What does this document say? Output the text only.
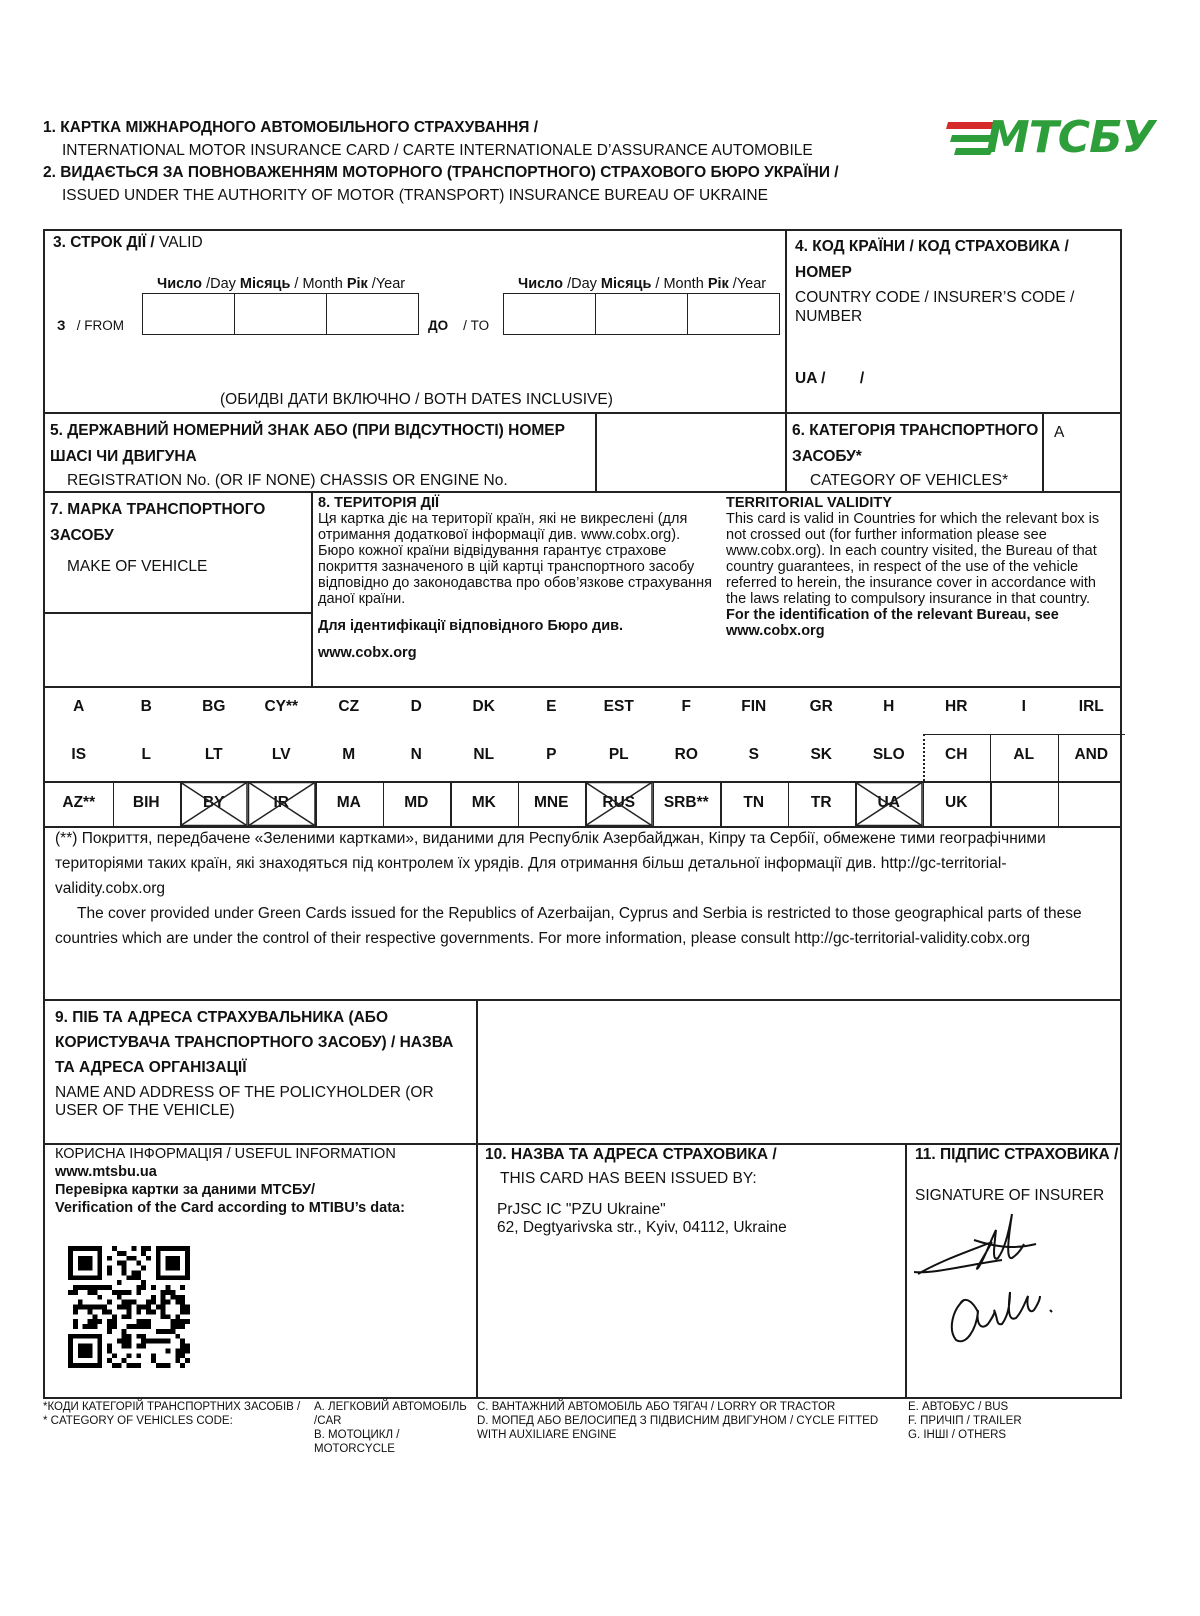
1. КАРТКА МІЖНАРОДНОГО АВТОМОБІЛЬНОГО СТРАХУВАННЯ /
INTERNATIONAL MOTOR INSURANCE CARD / CARTE INTERNATIONALE D’ASSURANCE AUTOMOBILE
2. ВИДАЄТЬСЯ ЗА ПОВНОВАЖЕННЯМ МОТОРНОГО (ТРАНСПОРТНОГО) СТРАХОВОГО БЮРО УКРАЇНИ /
ISSUED UNDER THE AUTHORITY OF MOTOR (TRANSPORT) INSURANCE BUREAU OF UKRAINE
МТСБУ
3. СТРОК ДІЇ / VALID
Число /Day Місяць / Month Рік /Year	Число /Day Місяць / Month Рік /Year
З / FROM	ДО / TO
(ОБИДВІ ДАТИ ВКЛЮЧНО / BOTH DATES INCLUSIVE)
4. КОД КРАЇНИ / КОД СТРАХОВИКА / НОМЕР
COUNTRY CODE / INSURER’S CODE / NUMBER
UA / /
5. ДЕРЖАВНИЙ НОМЕРНИЙ ЗНАК АБО (ПРИ ВІДСУТНОСТІ) НОМЕР ШАСІ ЧИ ДВИГУНА
REGISTRATION No. (OR IF NONE) CHASSIS OR ENGINE No.
6. КАТЕГОРІЯ ТРАНСПОРТНОГО ЗАСОБУ*
CATEGORY OF VEHICLES*
A
7. МАРКА ТРАНСПОРТНОГО ЗАСОБУ
MAKE OF VEHICLE
8. ТЕРИТОРІЯ ДІЇ
Ця картка діє на території країн, які не викреслені (для отримання додаткової інформації див. www.cobx.org). Бюро кожної країни відвідування гарантує страхове покриття зазначеного в цій картці транспортного засобу відповідно до законодавства про обов’язкове страхування даної країни.
Для ідентифікації відповідного Бюро див. www.cobx.org
TERRITORIAL VALIDITY
This card is valid in Countries for which the relevant box is not crossed out (for further information please see www.cobx.org). In each country visited, the Bureau of that country guarantees, in respect of the use of the vehicle referred to herein, the insurance cover in accordance with the laws relating to compulsory insurance in that country.
For the identification of the relevant Bureau, see www.cobx.org
A	B	BG	CY**	CZ	D	DK	E	EST	F	FIN	GR	H	HR	I	IRL
IS	L	LT	LV	M	N	NL	P	PL	RO	S	SK	SLO	CH	AL	AND
AZ**	BIH	BY	IR	MA	MD	MK	MNE	RUS	SRB**	TN	TR	UA	UK
(**) Покриття, передбачене «Зеленими картками», виданими для Республік Азербайджан, Кіпру та Сербії, обмежене тими географічними територіями таких країн, які знаходяться під контролем їх урядів. Для отримання більш детальної інформації див. http://gc-territorial-validity.cobx.org
The cover provided under Green Cards issued for the Republics of Azerbaijan, Cyprus and Serbia is restricted to those geographical parts of these countries which are under the control of their respective governments. For more information, please consult http://gc-territorial-validity.cobx.org
9. ПІБ ТА АДРЕСА СТРАХУВАЛЬНИКА (АБО КОРИСТУВАЧА ТРАНСПОРТНОГО ЗАСОБУ) / НАЗВА ТА АДРЕСА ОРГАНІЗАЦІЇ
NAME AND ADDRESS OF THE POLICYHOLDER (OR USER OF THE VEHICLE)
КОРИСНА ІНФОРМАЦІЯ / USEFUL INFORMATION
www.mtsbu.ua
Перевірка картки за даними МТСБУ/
Verification of the Card according to MTIBU’s data:
10. НАЗВА ТА АДРЕСА СТРАХОВИКА /
THIS CARD HAS BEEN ISSUED BY:
PrJSC IC "PZU Ukraine"
62, Degtyarivska str., Kyiv, 04112, Ukraine
11. ПІДПИС СТРАХОВИКА /
SIGNATURE OF INSURER
*КОДИ КАТЕГОРІЙ ТРАНСПОРТНИХ ЗАСОБІВ /
* CATEGORY OF VEHICLES CODE:
A. ЛЕГКОВИЙ АВТОМОБІЛЬ /CAR
B. МОТОЦИКЛ / MOTORCYCLE
C. ВАНТАЖНИЙ АВТОМОБІЛЬ АБО ТЯГАЧ / LORRY OR TRACTOR
D. МОПЕД АБО ВЕЛОСИПЕД З ПІДВИСНИМ ДВИГУНОМ / CYCLE FITTED WITH AUXILIARE ENGINE
E. АВТОБУС / BUS
F. ПРИЧІП / TRAILER
G. ІНШІ / OTHERS
